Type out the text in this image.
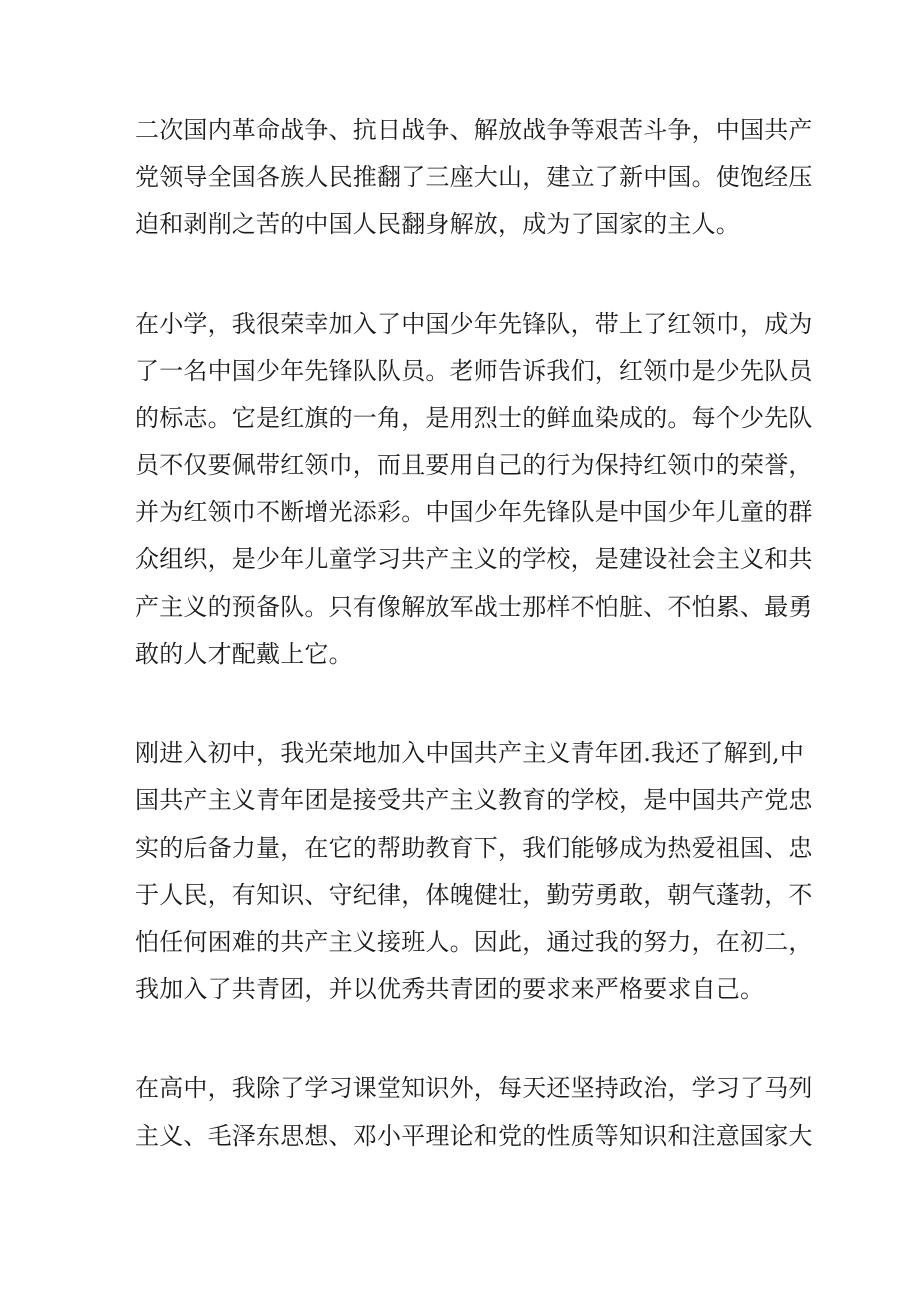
二次国内革命战争、抗日战争、解放战争等艰苦斗争，中国共产
党领导全国各族人民推翻了三座大山，建立了新中国。使饱经压
迫和剥削之苦的中国人民翻身解放，成为了国家的主人。
在小学，我很荣幸加入了中国少年先锋队，带上了红领巾，成为
了一名中国少年先锋队队员。老师告诉我们，红领巾是少先队员
的标志。它是红旗的一角，是用烈士的鲜血染成的。每个少先队
员不仅要佩带红领巾，而且要用自己的行为保持红领巾的荣誉，
并为红领巾不断增光添彩。中国少年先锋队是中国少年儿童的群
众组织，是少年儿童学习共产主义的学校，是建设社会主义和共
产主义的预备队。只有像解放军战士那样不怕脏、不怕累、最勇
敢的人才配戴上它。
刚进入初中，我光荣地加入中国共产主义青年团.我还了解到,中
国共产主义青年团是接受共产主义教育的学校，是中国共产党忠
实的后备力量，在它的帮助教育下，我们能够成为热爱祖国、忠
于人民，有知识、守纪律，体魄健壮，勤劳勇敢，朝气蓬勃，不
怕任何困难的共产主义接班人。因此，通过我的努力，在初二，
我加入了共青团，并以优秀共青团的要求来严格要求自己。
在高中，我除了学习课堂知识外，每天还坚持政治，学习了马列
主义、毛泽东思想、邓小平理论和党的性质等知识和注意国家大
